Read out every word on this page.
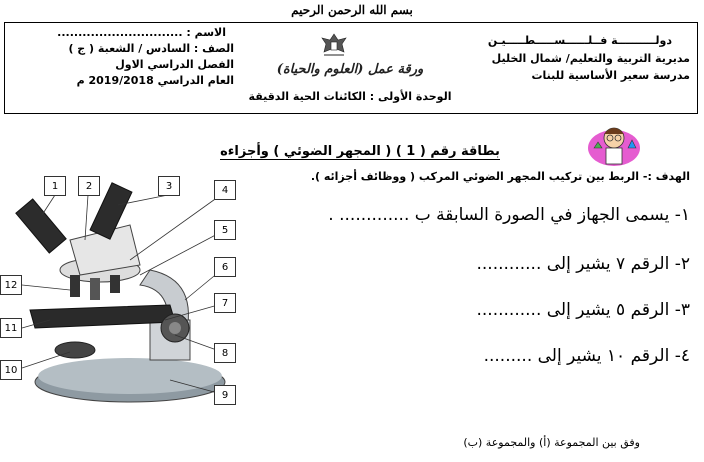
بسم الله الرحمن الرحيم
دولــــــــــة فــلــــــســـــطـــــيـن
مديرية التربية والتعليم/ شمال الخليل
مدرسة سعير الأساسية للبنات
ورقة عمل (العلوم والحياة)
الوحدة الأولى : الكائنات الحية الدقيقة
الاسم : ..............................
الصف : السادس / الشعبة ( ج )
الفصل الدراسي الاول
العام الدراسي 2019/2018 م
بطاقة رقم ( 1 ) ( المجهر الضوئي ) وأجزاءه
الهدف :- الربط بين تركيب المجهر الضوئي المركب ( ووظائف أجزائه ).
١- يسمى الجهاز في الصورة السابقة ب ............. .
٢- الرقم ٧ يشير إلى ............
٣- الرقم ٥ يشير إلى ............
٤- الرقم ١٠ يشير إلى .........
وفق بين المجموعة (أ) والمجموعة (ب)
1	2	3	4
5
6
7
8
9
10
11
12
